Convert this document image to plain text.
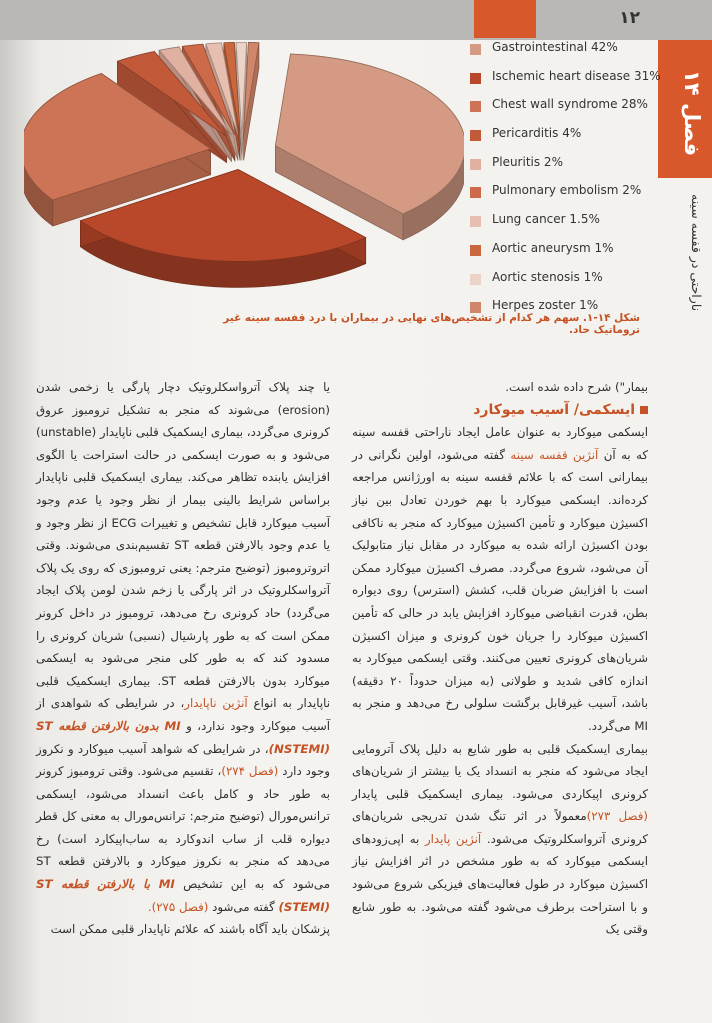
۱۲
فصل ۱۴
ناراحتی در قفسه سینه
Gastrointestinal 42%
Ischemic heart disease 31%
Chest wall syndrome 28%
Pericarditis 4%
Pleuritis 2%
Pulmonary embolism 2%
Lung cancer 1.5%
Aortic aneurysm 1%
Aortic stenosis 1%
Herpes zoster 1%
شکل ۱۴-۱. سهم هر کدام از تشخیص‌های نهایی در بیماران با درد قفسه سینه غیر تروماتیک حاد.

بیمار") شرح داده شده است.

ایسکمی/ آسیب میوکارد

ایسکمی میوکارد به عنوان عامل ایجاد ناراحتی قفسه سینه که به آن آنژین قفسه سینه گفته می‌شود، اولین نگرانی در بیمارانی است که با علائم قفسه سینه به اورژانس مراجعه کرده‌اند. ایسکمی میوکارد با بهم خوردن تعادل بین نیاز اکسیژن میوکارد و تأمین اکسیژن میوکارد که منجر به ناکافی بودن اکسیژن ارائه شده به میوکارد در مقابل نیاز متابولیک آن می‌شود، شروع می‌گردد. مصرف اکسیژن میوکارد ممکن است با افزایش ضربان قلب، کشش (استرس) روی دیواره بطن، قدرت انقباضی میوکارد افزایش یابد در حالی که تأمین اکسیژن میوکارد را جریان خون کرونری و میزان اکسیژن شریان‌های کرونری تعیین می‌کنند. وقتی ایسکمی میوکارد به اندازه کافی شدید و طولانی (به میزان حدوداً ۲۰ دقیقه) باشد، آسیب غیرقابل برگشت سلولی رخ می‌دهد و منجر به MI می‌گردد.

بیماری ایسکمیک قلبی به طور شایع به دلیل پلاک آترومایی ایجاد می‌شود که منجر به انسداد یک یا بیشتر از شریان‌های کرونری اپیکاردی می‌شود. بیماری ایسکمیک قلبی پایدار (فصل ۲۷۳)معمولاً در اثر تنگ شدن تدریجی شریان‌های کرونری آترواسکلروتیک می‌شود. آنژین پایدار به اپی‌زودهای ایسکمی میوکارد که به طور مشخص در اثر افزایش نیاز اکسیژن میوکارد در طول فعالیت‌های فیزیکی شروع می‌شود و با استراحت برطرف می‌شود گفته می‌شود. به طور شایع وقتی یک

یا چند پلاک آترواسکلروتیک دچار پارگی یا زخمی شدن (erosion) می‌شوند که منجر به تشکیل ترومبوز عروق کرونری می‌گردد، بیماری ایسکمیک قلبی ناپایدار (unstable) می‌شود و به صورت ایسکمی در حالت استراحت یا الگوی افزایش یابنده تظاهر می‌کند. بیماری ایسکمیک قلبی ناپایدار براساس شرایط بالینی بیمار از نظر وجود یا عدم وجود آسیب میوکارد قابل تشخیص و تغییرات ECG از نظر وجود و یا عدم وجود بالارفتن قطعه ST تقسیم‌بندی می‌شوند. وقتی اتروترومبوز (توضیح مترجم: یعنی ترومبوزی که روی یک پلاک آترواسکلروتیک در اثر پارگی یا زخم شدن لومن پلاک ایجاد می‌گردد) حاد کرونری رخ می‌دهد، ترومبوز در داخل کرونر ممکن است که به طور پارشیال (نسبی) شریان کرونری را مسدود کند که به طور کلی منجر می‌شود به ایسکمی میوکارد بدون بالارفتن قطعه ST. بیماری ایسکمیک قلبی ناپایدار به انواع آنژین ناپایدار، در شرایطی که شواهدی از آسیب میوکارد وجود ندارد، و MI بدون بالارفتن قطعه ST (NSTEMI)، در شرایطی که شواهد آسیب میوکارد و نکروز وجود دارد (فصل ۲۷۴)، تقسیم می‌شود. وقتی ترومبوز کرونر به طور حاد و کامل باعث انسداد می‌شود، ایسکمی ترانس‌مورال (توضیح مترجم: ترانس‌مورال به معنی کل قطر دیواره قلب از ساب اندوکارد به ساب‌اپیکارد است) رخ می‌دهد که منجر به نکروز میوکارد و بالارفتن قطعه ST می‌شود که به این تشخیص MI با بالارفتن قطعه ST (STEMI) گفته می‌شود (فصل ۲۷۵).

پزشکان باید آگاه باشند که علائم ناپایدار قلبی ممکن است
